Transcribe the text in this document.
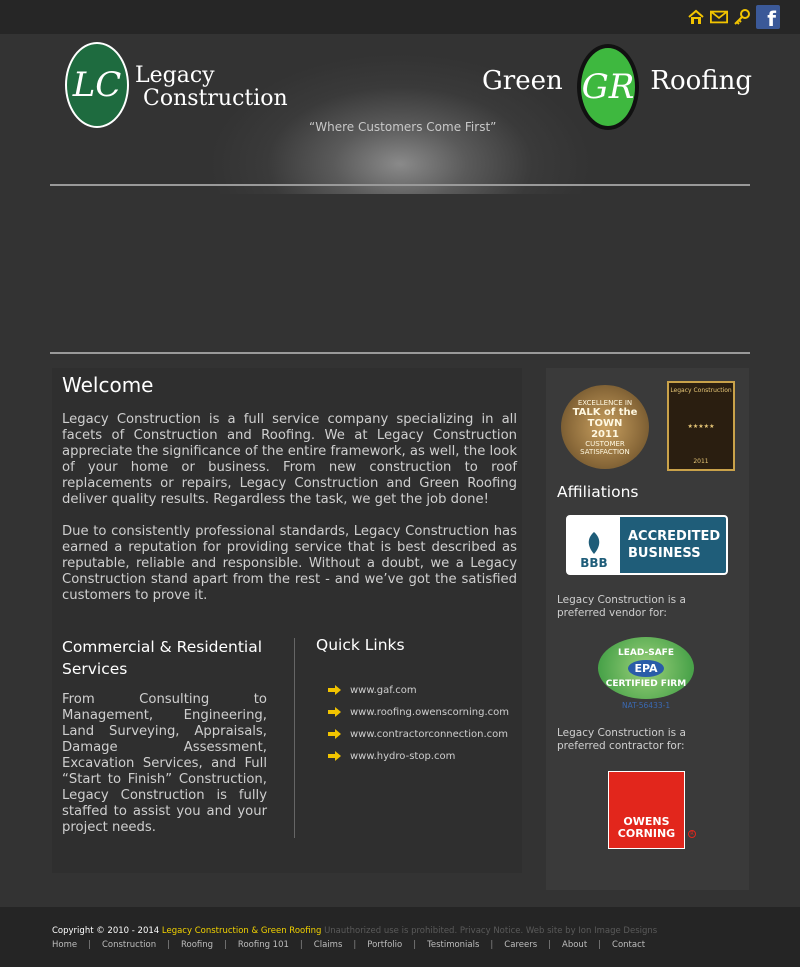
f
LC Legacy
Construction
Green GR Roofing
“Where Customers Come First”
Welcome

Legacy Construction is a full service company specializing in all facets of Construction and Roofing. We at Legacy Construction appreciate the significance of the entire framework, as well, the look of your home or business. From new construction to roof replacements or repairs, Legacy Construction and Green Roofing deliver quality results. Regardless the task, we get the job done!

Due to consistently professional standards, Legacy Construction has earned a reputation for providing service that is best described as reputable, reliable and responsible. Without a doubt, we a Legacy Construction stand apart from the rest - and we’ve got the satisfied customers to prove it.

Commercial & Residential Services

From Consulting to Management, Engineering, Land Surveying, Appraisals, Damage Assessment, Excavation Services, and Full “Start to Finish” Construction, Legacy Construction is fully staffed to assist you and your project needs.

Quick Links
www.gaf.com
www.roofing.owenscorning.com
www.contractorconnection.com
www.hydro-stop.com
EXCELLENCE IN
TALK of the TOWN
2011
CUSTOMER SATISFACTION
Legacy Construction
★★★★★
2011
Affiliations
BBB
ACCREDITED
BUSINESS

Legacy Construction is a preferred vendor for:

LEAD-SAFE
EPA
CERTIFIED FIRM
NAT-56433-1

Legacy Construction is a preferred contractor for:

OWENS
CORNING	R
Copyright © 2010 - 2014 Legacy Construction & Green Roofing Unauthorized use is prohibited. Privacy Notice. Web site by Ion Image Designs
Home | Construction | Roofing | Roofing 101 | Claims | Portfolio | Testimonials | Careers | About | Contact
